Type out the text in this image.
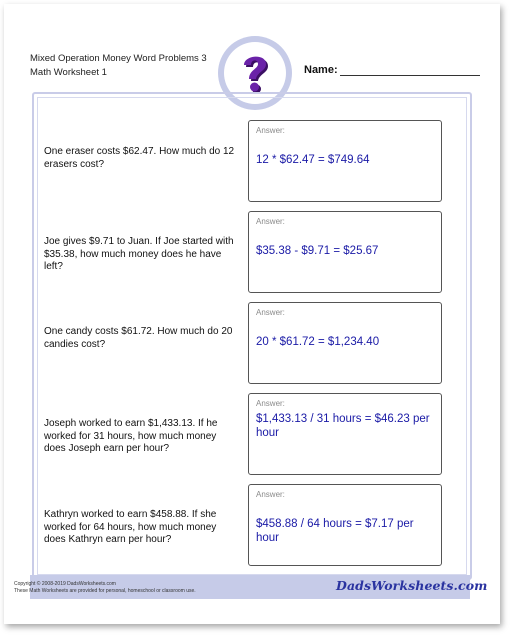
Mixed Operation Money Word Problems 3
Math Worksheet 1	Name:
One eraser costs $62.47. How much do 12 erasers cost?
Answer:
12 * $62.47 = $749.64
Joe gives $9.71 to Juan. If Joe started with $35.38, how much money does he have left?
Answer:
$35.38 - $9.71 = $25.67
One candy costs $61.72. How much do 20 candies cost?
Answer:
20 * $61.72 = $1,234.40
Joseph worked to earn $1,433.13. If he worked for 31 hours, how much money does Joseph earn per hour?
Answer:
$1,433.13 / 31 hours = $46.23 per hour
Kathryn worked to earn $458.88. If she worked for 64 hours, how much money does Kathryn earn per hour?
Answer:
$458.88 / 64 hours = $7.17 per hour
Copyright © 2008-2019 DadsWorksheets.com
These Math Worksheets are provided for personal, homeschool or classroom use.	DadsWorksheets.com
